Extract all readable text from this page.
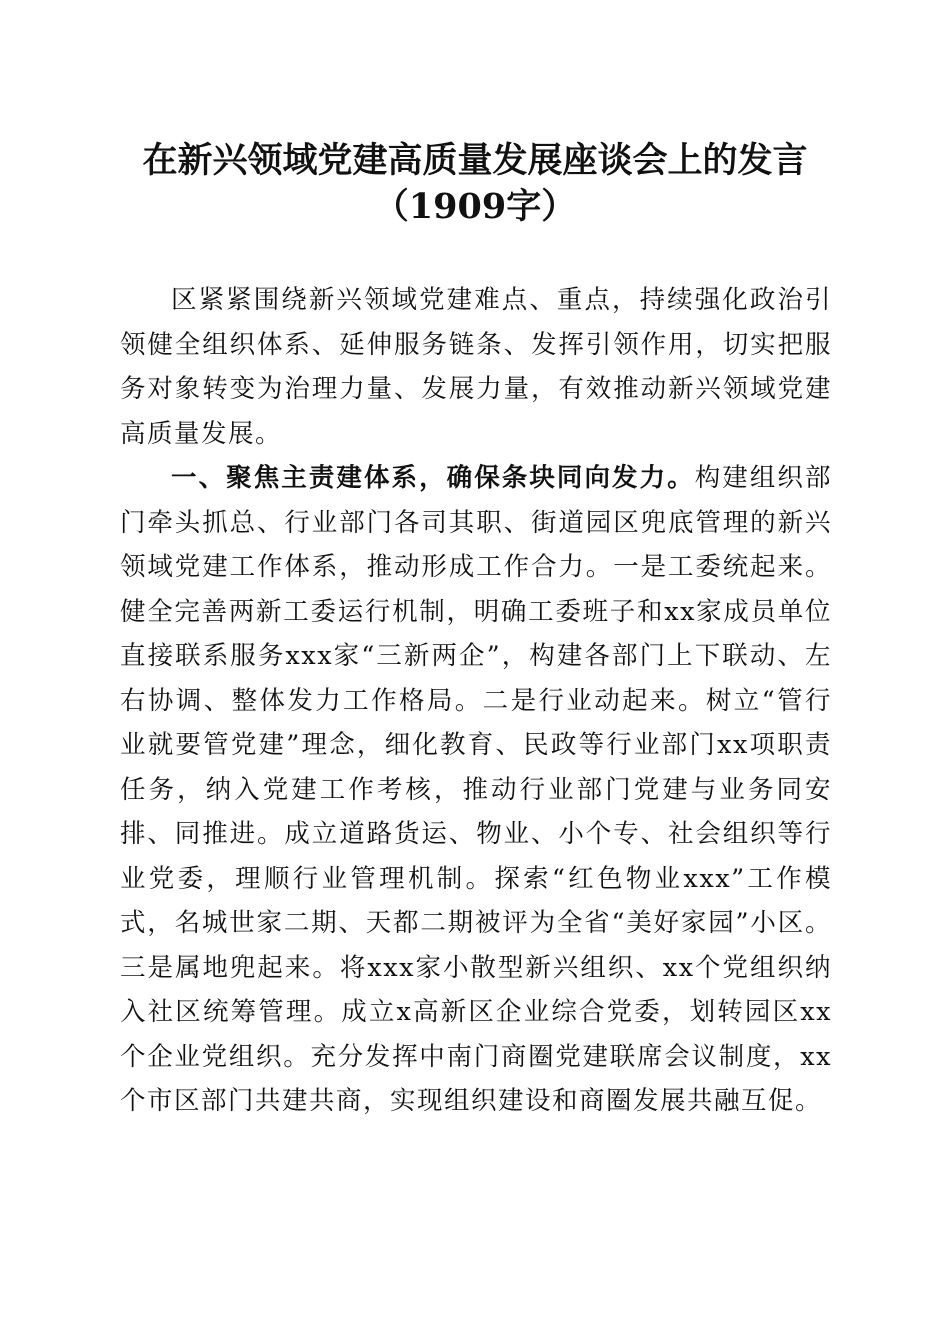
在新兴领域党建高质量发展座谈会上的发言
（1909字）

区紧紧围绕新兴领域党建难点、重点，持续强化政治引领健全组织体系、延伸服务链条、发挥引领作用，切实把服务对象转变为治理力量、发展力量，有效推动新兴领域党建高质量发展。

一、聚焦主责建体系，确保条块同向发力。构建组织部门牵头抓总、行业部门各司其职、街道园区兜底管理的新兴领域党建工作体系，推动形成工作合力。一是工委统起来。健全完善两新工委运行机制，明确工委班子和xx家成员单位直接联系服务xxx家“三新两企”，构建各部门上下联动、左右协调、整体发力工作格局。二是行业动起来。树立“管行业就要管党建”理念，细化教育、民政等行业部门xx项职责任务，纳入党建工作考核，推动行业部门党建与业务同安排、同推进。成立道路货运、物业、小个专、社会组织等行业党委，理顺行业管理机制。探索“红色物业xxx”工作模式，名城世家二期、天都二期被评为全省“美好家园”小区。三是属地兜起来。将xxx家小散型新兴组织、xx个党组织纳入社区统筹管理。成立x高新区企业综合党委，划转园区xx个企业党组织。充分发挥中南门商圈党建联席会议制度，xx个市区部门共建共商，实现组织建设和商圈发展共融互促。
